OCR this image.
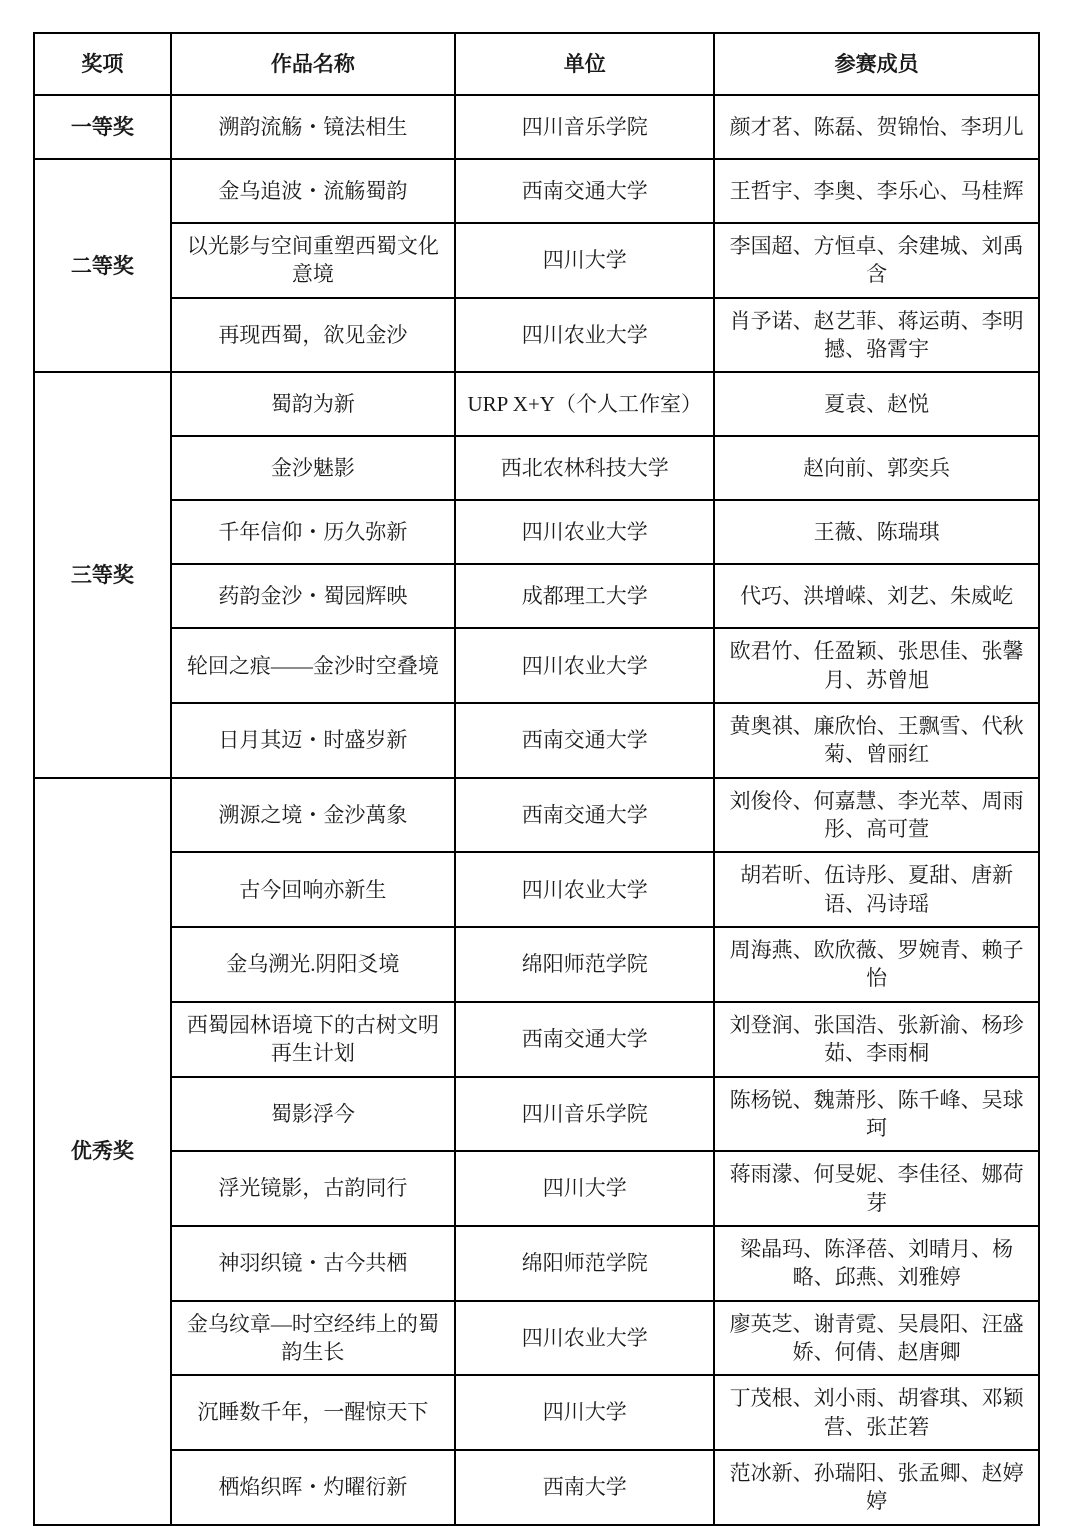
奖项	作品名称	单位	参赛成员
一等奖	溯韵流觞・镜法相生	四川音乐学院	颜才茗、陈磊、贺锦怡、李玥儿
二等奖	金乌追波・流觞蜀韵	西南交通大学	王哲宇、李奥、李乐心、马桂辉
	以光影与空间重塑西蜀文化意境	四川大学	李国超、方恒卓、余建城、刘禹含
	再现西蜀，欲见金沙	四川农业大学	肖予诺、赵艺菲、蒋运萌、李明撼、骆霄宇
三等奖	蜀韵为新	URP X+Y（个人工作室）	夏袁、赵悦
	金沙魅影	西北农林科技大学	赵向前、郭奕兵
	千年信仰・历久弥新	四川农业大学	王薇、陈瑞琪
	药韵金沙・蜀园辉映	成都理工大学	代巧、洪增嵘、刘艺、朱威屹
	轮回之痕——金沙时空叠境	四川农业大学	欧君竹、任盈颖、张思佳、张馨月、苏曾旭
	日月其迈・时盛岁新	西南交通大学	黄奥祺、廉欣怡、王飘雪、代秋菊、曾丽红
优秀奖	溯源之境・金沙萬象	西南交通大学	刘俊伶、何嘉慧、李光萃、周雨彤、高可萱
	古今回响亦新生	四川农业大学	胡若昕、伍诗彤、夏甜、唐新语、冯诗瑶
	金乌溯光.阴阳爻境	绵阳师范学院	周海燕、欧欣薇、罗婉青、赖子怡
	西蜀园林语境下的古树文明再生计划	西南交通大学	刘登润、张国浩、张新渝、杨珍茹、李雨桐
	蜀影浮今	四川音乐学院	陈杨锐、魏萧彤、陈千峰、吴球珂
	浮光镜影，古韵同行	四川大学	蒋雨濛、何旻妮、李佳径、娜荷芽
	神羽织镜・古今共栖	绵阳师范学院	梁晶玛、陈泽蓓、刘晴月、杨略、邱燕、刘雅婷
	金乌纹章—时空经纬上的蜀韵生长	四川农业大学	廖英芝、谢青霓、吴晨阳、汪盛娇、何倩、赵唐卿
	沉睡数千年，一醒惊天下	四川大学	丁茂根、刘小雨、胡睿琪、邓颖营、张芷箬
	栖焰织晖・灼曜衍新	西南大学	范冰新、孙瑞阳、张孟卿、赵婷婷
